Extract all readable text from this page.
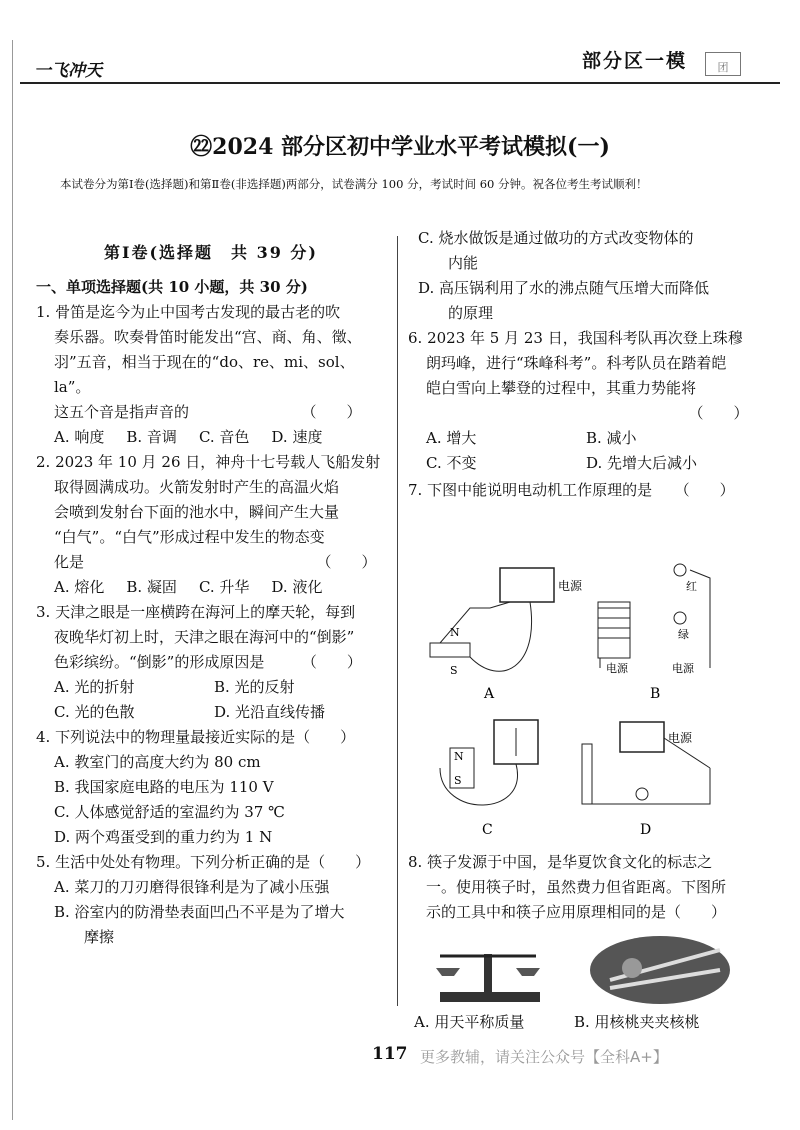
一飞冲天	部分区一模	团
㉒2024 部分区初中学业水平考试模拟(一)
本试卷分为第Ⅰ卷(选择题)和第Ⅱ卷(非选择题)两部分，试卷满分 100 分，考试时间 60 分钟。祝各位考生考试顺利！

第Ⅰ卷(选择题　共 39 分)

一、单项选择题(共 10 小题，共 30 分)

1. 骨笛是迄今为止中国考古发现的最古老的吹

奏乐器。吹奏骨笛时能发出“宫、商、角、徵、

羽”五音，相当于现在的“do、re、mi、sol、la”。

这五个音是指声音的　　　　　　　　（　　）

A. 响度 B. 音调 C. 音色 D. 速度

2. 2023 年 10 月 26 日，神舟十七号载人飞船发射

取得圆满成功。火箭发射时产生的高温火焰

会喷到发射台下面的池水中，瞬间产生大量

“白气”。“白气”形成过程中发生的物态变

化是　　　　　　　　　　　　　　　　（　　）

A. 熔化 B. 凝固 C. 升华 D. 液化

3. 天津之眼是一座横跨在海河上的摩天轮，每到

夜晚华灯初上时，天津之眼在海河中的“倒影”

色彩缤纷。“倒影”的形成原因是　　　（　　）

A. 光的折射	B. 光的反射
C. 光的色散	D. 光沿直线传播

4. 下列说法中的物理量最接近实际的是（　　）

A. 教室门的高度大约为 80 cm

B. 我国家庭电路的电压为 110 V

C. 人体感觉舒适的室温约为 37 ℃

D. 两个鸡蛋受到的重力约为 1 N

5. 生活中处处有物理。下列分析正确的是（　　）

A. 菜刀的刀刃磨得很锋利是为了减小压强

B. 浴室内的防滑垫表面凹凸不平是为了增大

　　摩擦

C. 烧水做饭是通过做功的方式改变物体的

　　内能

D. 高压锅利用了水的沸点随气压增大而降低

　　的原理

6. 2023 年 5 月 23 日，我国科考队再次登上珠穆

朗玛峰，进行“珠峰科考”。科考队员在踏着皑

皑白雪向上攀登的过程中，其重力势能将

　　　　　　　　　　　　　　　　　　（　　）

A. 增大	B. 减小
C. 不变	D. 先增大后减小

7. 下图中能说明电动机工作原理的是　　（　　）

电源
N
S
A
红
绿
电源	电源
B
N
S
C
电源
D

8. 筷子发源于中国，是华夏饮食文化的标志之

一。使用筷子时，虽然费力但省距离。下图所

示的工具中和筷子应用原理相同的是（　　）

A. 用天平称质量	B. 用核桃夹夹核桃
117 更多教辅，请关注公众号【全科A+】
